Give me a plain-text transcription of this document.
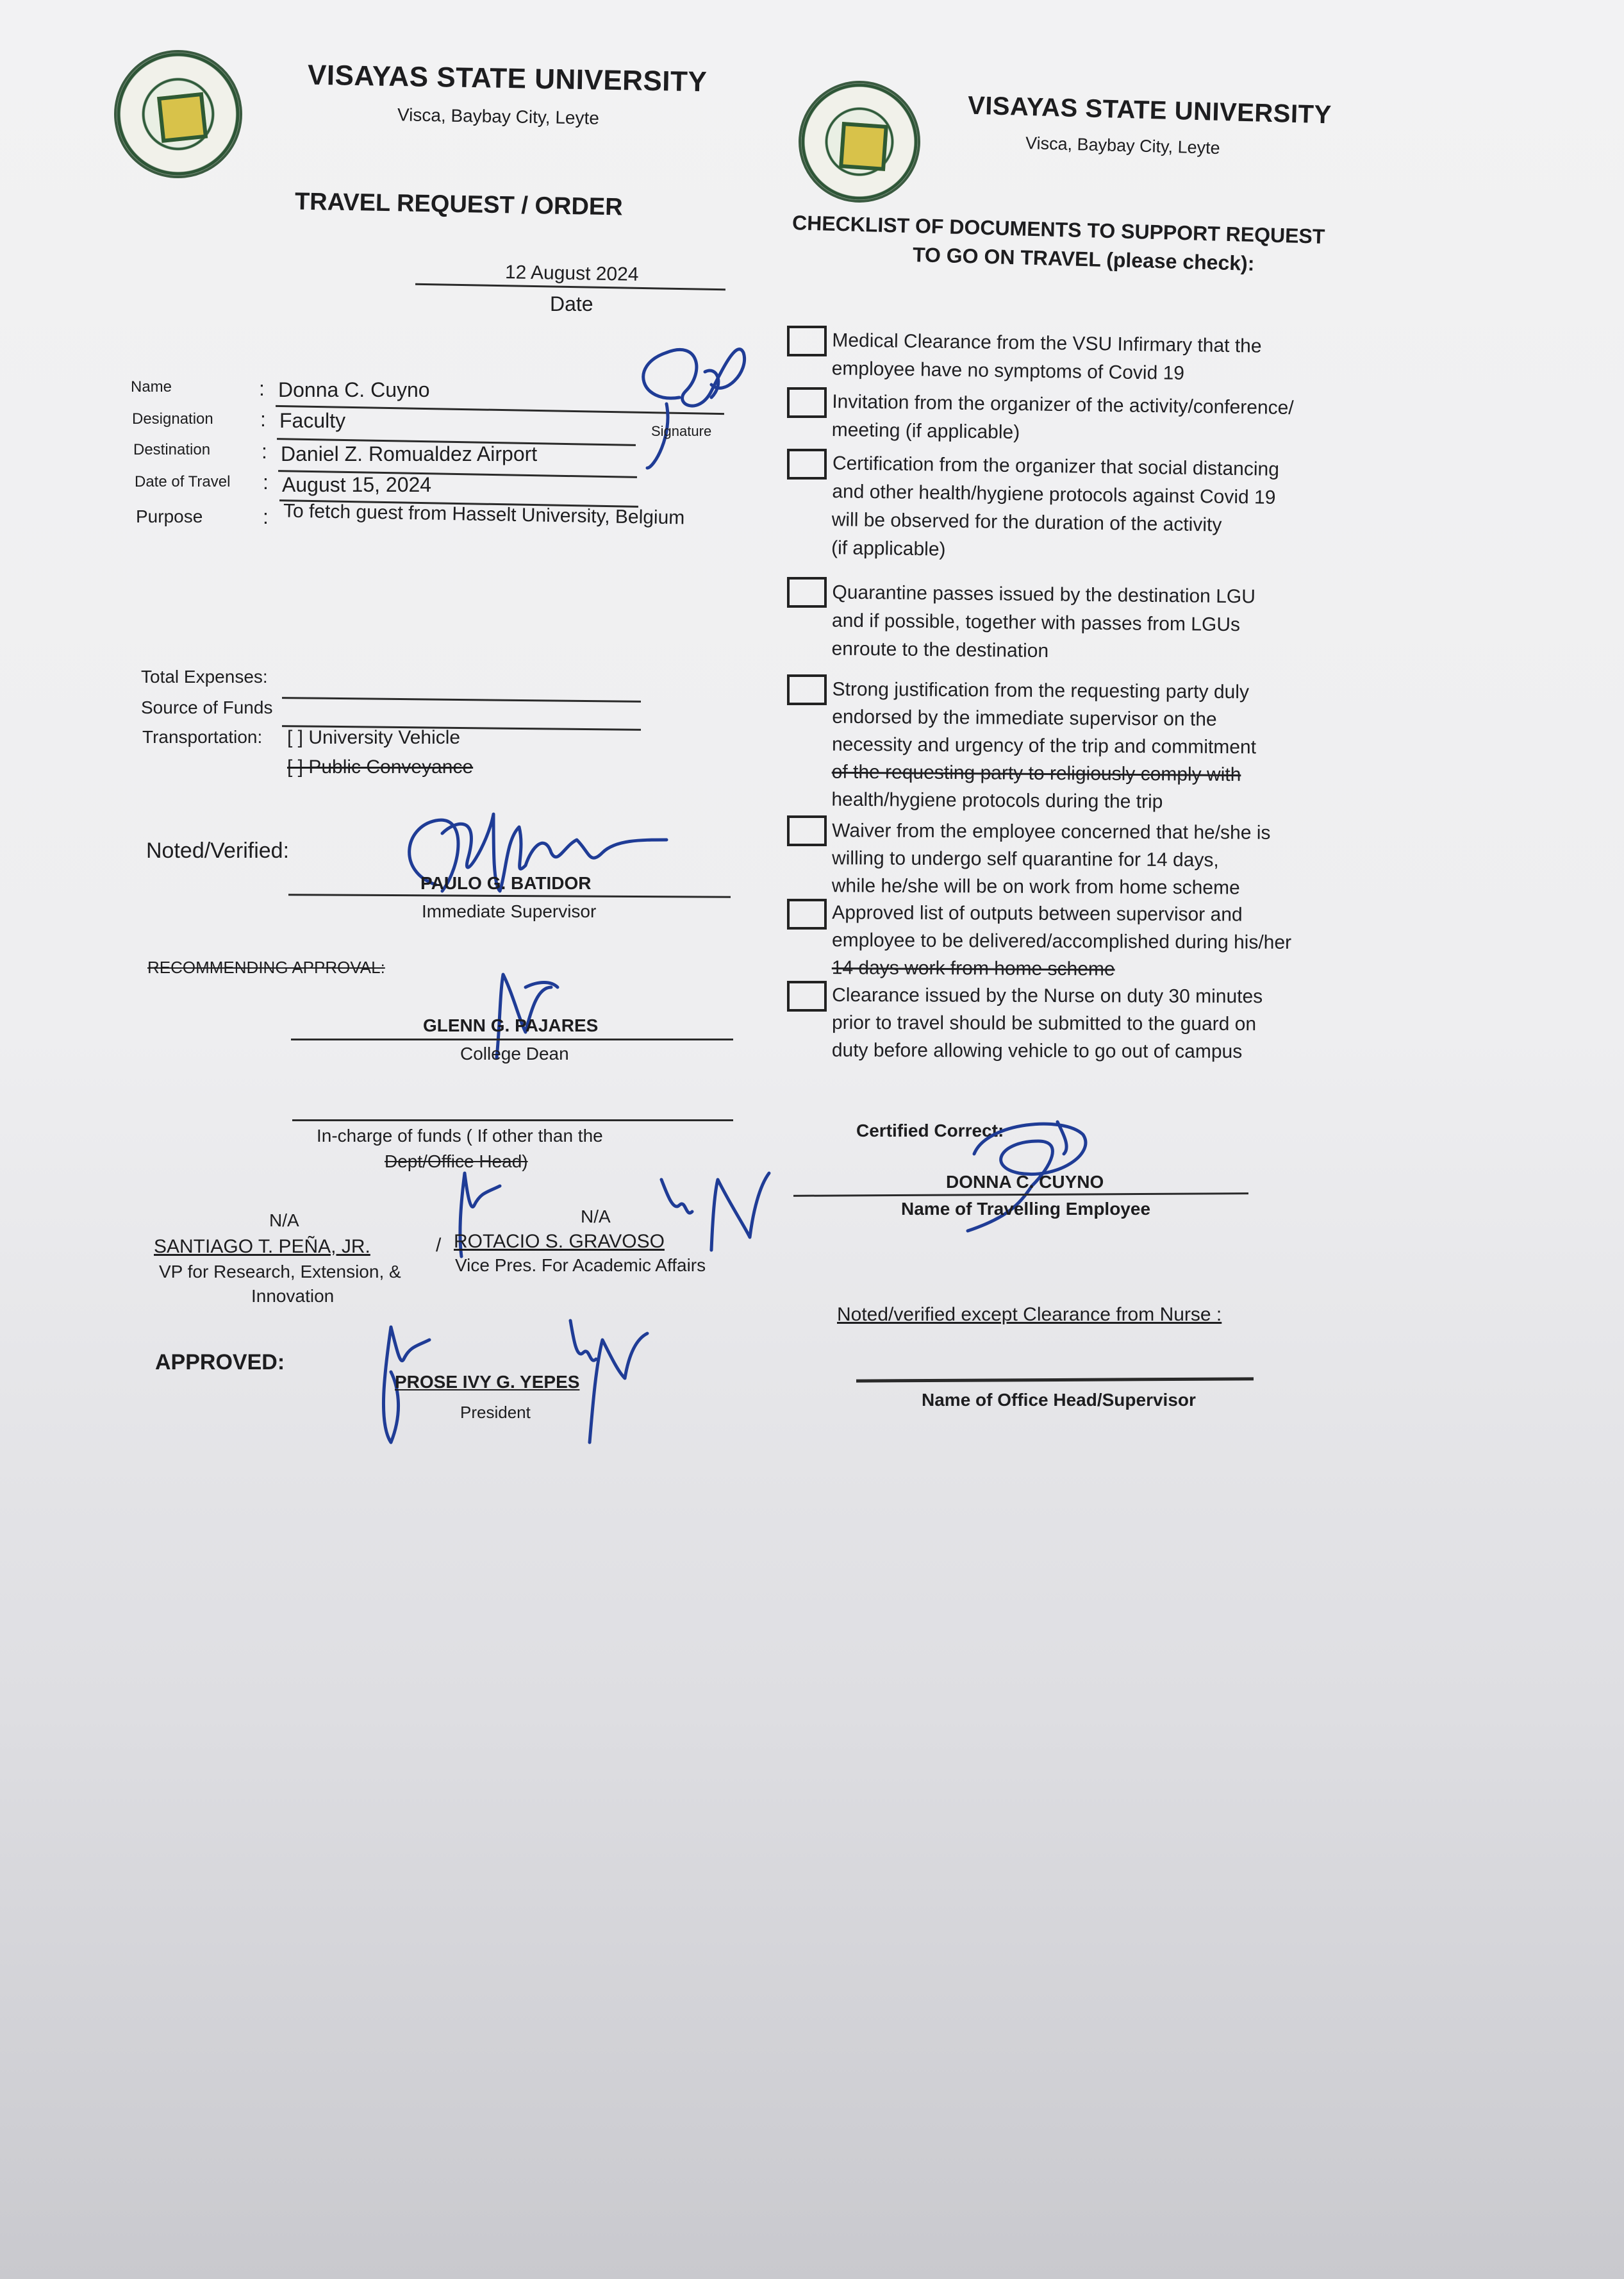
VISAYAS STATE UNIVERSITY
Visca, Baybay City, Leyte
TRAVEL REQUEST / ORDER
12 August 2024
Date
Name	: Donna C. Cuyno
Designation : Faculty
Destination : Daniel Z. Romualdez Airport
Date of Travel : August 15, 2024
Purpose	: To fetch guest from Hasselt University, Belgium
Signature
Total Expenses:
Source of Funds
Transportation: [ ] University Vehicle
[ ] Public Conveyance
Noted/Verified:
PAULO G. BATIDOR
Immediate Supervisor
RECOMMENDING APPROVAL:
GLENN G. PAJARES
College Dean
In-charge of funds ( If other than the
Dept/Office Head)
N/A	N/A
SANTIAGO T. PEÑA, JR.	/ ROTACIO S. GRAVOSO
VP for Research, Extension, &
Innovation
Vice Pres. For Academic Affairs
APPROVED:
PROSE IVY G. YEPES
President
VISAYAS STATE UNIVERSITY
Visca, Baybay City, Leyte
CHECKLIST OF DOCUMENTS TO SUPPORT REQUEST
TO GO ON TRAVEL (please check):
Medical Clearance from the VSU Infirmary that the
employee have no symptoms of Covid 19
Invitation from the organizer of the activity/conference/
meeting (if applicable)
Certification from the organizer that social distancing
and other health/hygiene protocols against Covid 19
will be observed for the duration of the activity
(if applicable)
Quarantine passes issued by the destination LGU
and if possible, together with passes from LGUs
enroute to the destination
Strong justification from the requesting party duly
endorsed by the immediate supervisor on the
necessity and urgency of the trip and commitment
of the requesting party to religiously comply with
health/hygiene protocols during the trip
Waiver from the employee concerned that he/she is
willing to undergo self quarantine for 14 days,
while he/she will be on work from home scheme
Approved list of outputs between supervisor and
employee to be delivered/accomplished during his/her
14 days work from home scheme
Clearance issued by the Nurse on duty 30 minutes
prior to travel should be submitted to the guard on
duty before allowing vehicle to go out of campus
Certified Correct:
DONNA C. CUYNO
Name of Travelling Employee
Noted/verified except Clearance from Nurse :
Name of Office Head/Supervisor
